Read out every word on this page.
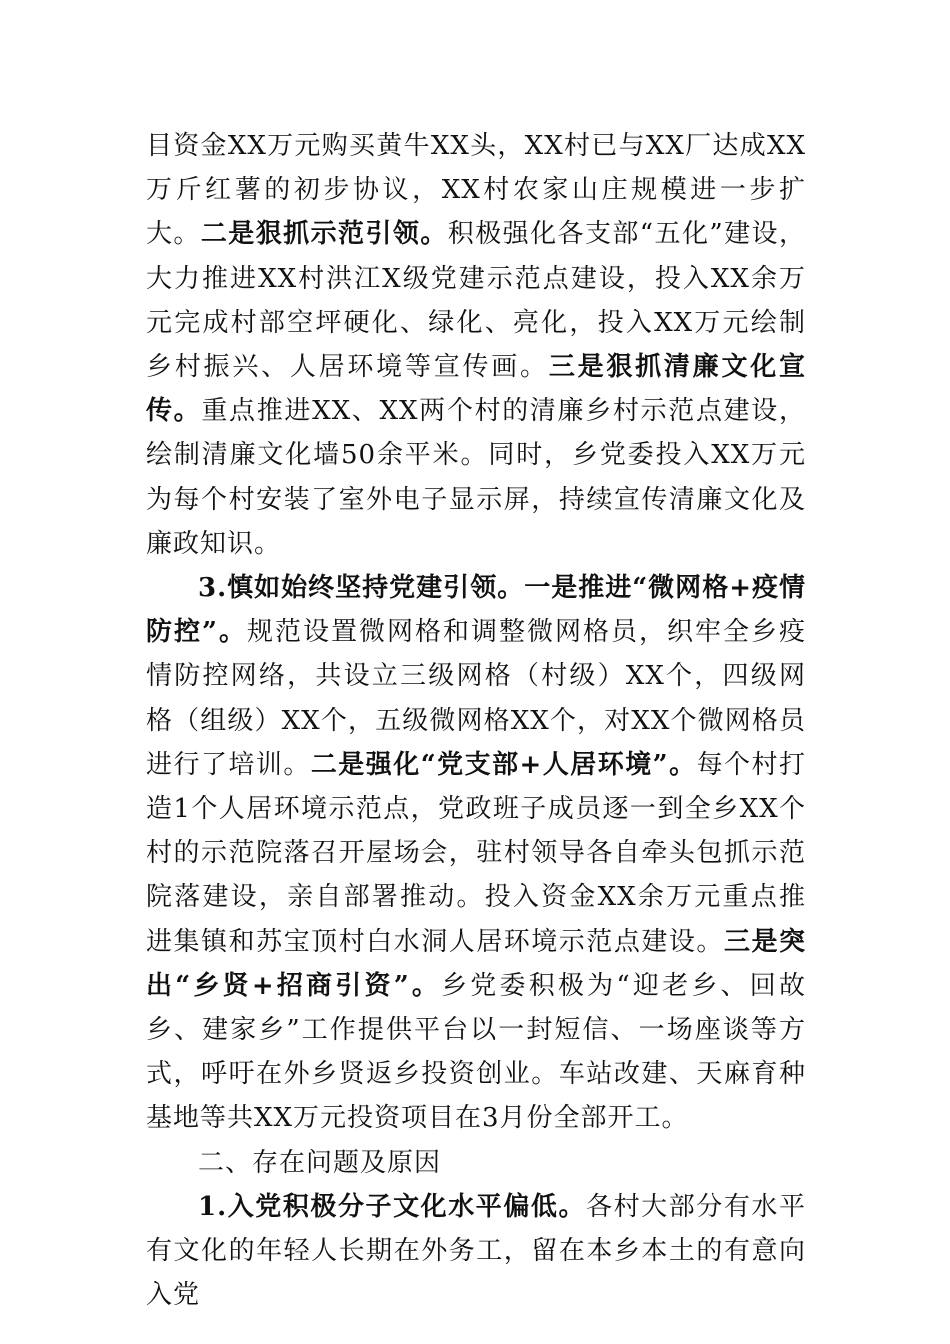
目资金XX万元购买黄牛XX头，XX村已与XX厂达成XX万斤红薯的初步协议，XX村农家山庄规模进一步扩大。二是狠抓示范引领。积极强化各支部“五化”建设，大力推进XX村洪江X级党建示范点建设，投入XX余万元完成村部空坪硬化、绿化、亮化，投入XX万元绘制乡村振兴、人居环境等宣传画。三是狠抓清廉文化宣传。重点推进XX、XX两个村的清廉乡村示范点建设，绘制清廉文化墙50余平米。同时，乡党委投入XX万元为每个村安装了室外电子显示屏，持续宣传清廉文化及廉政知识。

3.慎如始终坚持党建引领。一是推进“微网格+疫情防控”。规范设置微网格和调整微网格员，织牢全乡疫情防控网络，共设立三级网格（村级）XX个，四级网格（组级）XX个，五级微网格XX个，对XX个微网格员进行了培训。二是强化“党支部+人居环境”。每个村打造1个人居环境示范点，党政班子成员逐一到全乡XX个村的示范院落召开屋场会，驻村领导各自牵头包抓示范院落建设，亲自部署推动。投入资金XX余万元重点推进集镇和苏宝顶村白水洞人居环境示范点建设。三是突出“乡贤+招商引资”。乡党委积极为“迎老乡、回故乡、建家乡”工作提供平台以一封短信、一场座谈等方式，呼吁在外乡贤返乡投资创业。车站改建、天麻育种基地等共XX万元投资项目在3月份全部开工。

二、存在问题及原因

1.入党积极分子文化水平偏低。各村大部分有水平有文化的年轻人长期在外务工，留在本乡本土的有意向入党
